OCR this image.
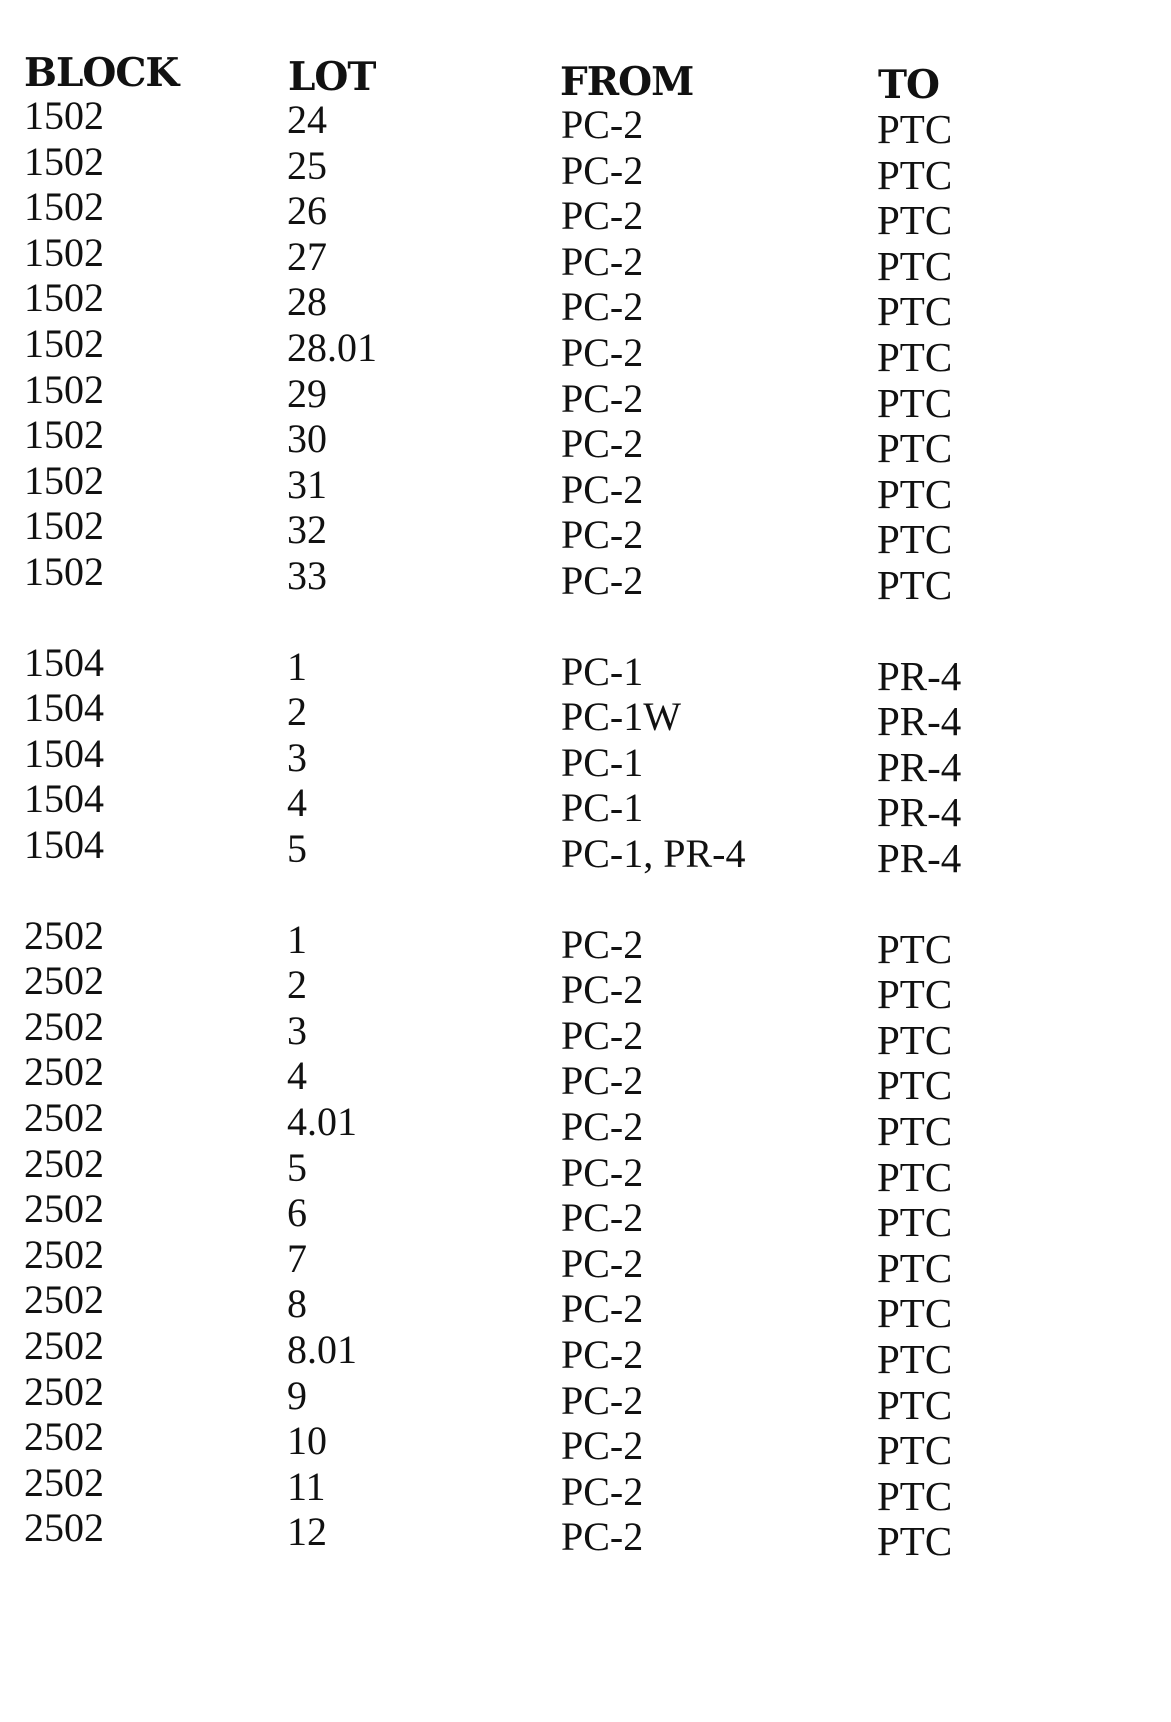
BLOCK	LOT	FROM	TO
1502	24	PC-2	PTC
1502	25	PC-2	PTC
1502	26	PC-2	PTC
1502	27	PC-2	PTC
1502	28	PC-2	PTC
1502	28.01	PC-2	PTC
1502	29	PC-2	PTC
1502	30	PC-2	PTC
1502	31	PC-2	PTC
1502	32	PC-2	PTC
1502	33	PC-2	PTC
1504	1	PC-1	PR-4
1504	2	PC-1W	PR-4
1504	3	PC-1	PR-4
1504	4	PC-1	PR-4
1504	5	PC-1, PR-4	PR-4
2502	1	PC-2	PTC
2502	2	PC-2	PTC
2502	3	PC-2	PTC
2502	4	PC-2	PTC
2502	4.01	PC-2	PTC
2502	5	PC-2	PTC
2502	6	PC-2	PTC
2502	7	PC-2	PTC
2502	8	PC-2	PTC
2502	8.01	PC-2	PTC
2502	9	PC-2	PTC
2502	10	PC-2	PTC
2502	11	PC-2	PTC
2502	12	PC-2	PTC
